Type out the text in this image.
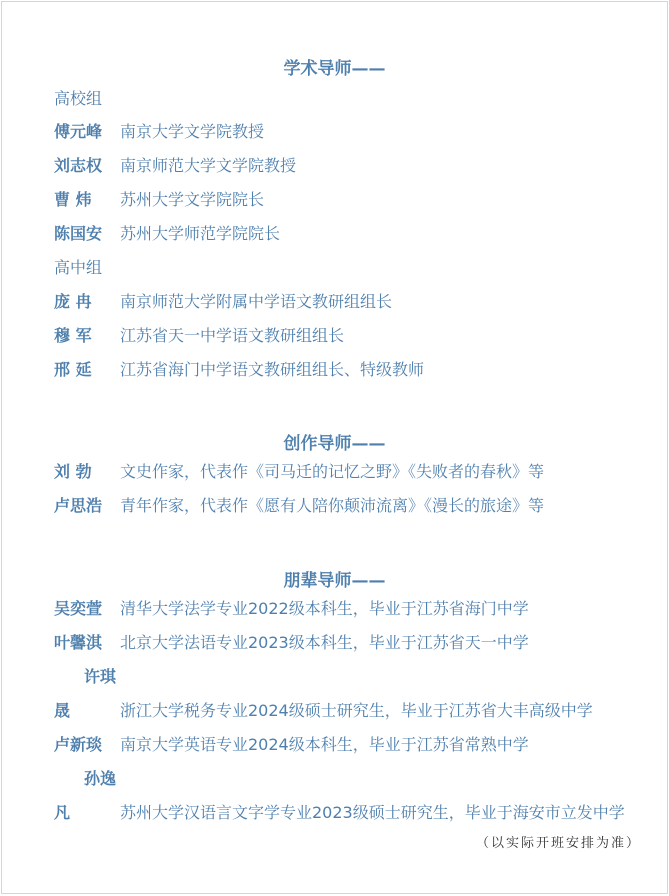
学术导师——
高校组
傅元峰 南京大学文学院教授
刘志权 南京师范大学文学院教授
曹 炜 苏州大学文学院院长
陈国安 苏州大学师范学院院长
高中组
庞 冉 南京师范大学附属中学语文教研组组长
穆 军 江苏省天一中学语文教研组组长
邢 延 江苏省海门中学语文教研组组长、特级教师
创作导师——
刘 勃 文史作家，代表作《司马迁的记忆之野》《失败者的春秋》等
卢思浩 青年作家，代表作《愿有人陪你颠沛流离》《漫长的旅途》等
朋辈导师——
吴奕萱 清华大学法学专业2022级本科生，毕业于江苏省海门中学
叶馨淇 北京大学法语专业2023级本科生，毕业于江苏省天一中学
许琪晟	浙江大学税务专业2024级硕士研究生，毕业于江苏省大丰高级中学
卢新琰 南京大学英语专业2024级本科生，毕业于江苏省常熟中学
孙逸凡	苏州大学汉语言文字学专业2023级硕士研究生，毕业于海安市立发中学
（以实际开班安排为准）
